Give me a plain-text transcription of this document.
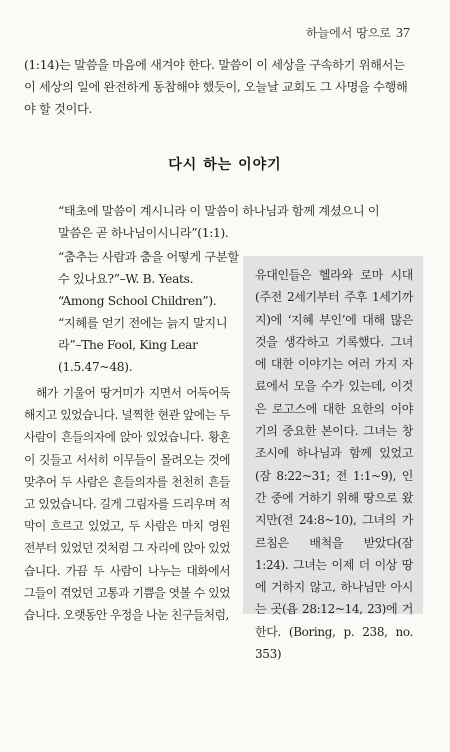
하늘에서 땅으로 37

(1:14)는 말씀을 마음에 새겨야 한다. 말씀이 이 세상을 구속하기 위해서는 이 세상의 일에 완전하게 동참해야 했듯이, 오늘날 교회도 그 사명을 수행해야 할 것이다.

다시 하는 이야기

“태초에 말씀이 계시니라 이 말씀이 하나님과 함께 계셨으니 이 말씀은 곧 하나님이시니라”(1:1).

“춤추는 사람과 춤을 어떻게 구분할 수 있나요?”–W. B. Yeats. “Among School Children”).

“지혜를 얻기 전에는 늙지 말지니라”–The Fool, King Lear (1.5.47~48).

유대인들은 헬라와 로마 시대(주전 2세기부터 주후 1세기까지)에 ‘지혜 부인’에 대해 많은 것을 생각하고 기록했다. 그녀에 대한 이야기는 여러 가지 자료에서 모을 수가 있는데, 이것은 로고스에 대한 요한의 이야기의 중요한 본이다. 그녀는 창조시에 하나님과 함께 있었고(잠 8:22~31; 전 1:1~9), 인간 중에 거하기 위해 땅으로 왔지만(전 24:8~10), 그녀의 가르침은 배척을 받았다(잠 1:24). 그녀는 이제 더 이상 땅에 거하지 않고, 하나님만 아시는 곳(욥 28:12~14, 23)에 거한다. (Boring, p. 238, no. 353)

해가 기울어 땅거미가 지면서 어둑어둑해지고 있었습니다. 널찍한 현관 앞에는 두 사람이 흔들의자에 앉아 있었습니다. 황혼이 깃들고 서서히 이무들이 몰려오는 것에 맞추어 두 사람은 흔들의자를 천천히 흔들고 있었습니다. 길게 그림자를 드리우며 적막이 흐르고 있었고, 두 사람은 마치 영원 전부터 있었던 것처럼 그 자리에 앉아 있었습니다. 가끔 두 사람이 나누는 대화에서 그들이 겪었던 고통과 기쁨을 엿볼 수 있었습니다. 오랫동안 우정을 나눈 친구들처럼,
